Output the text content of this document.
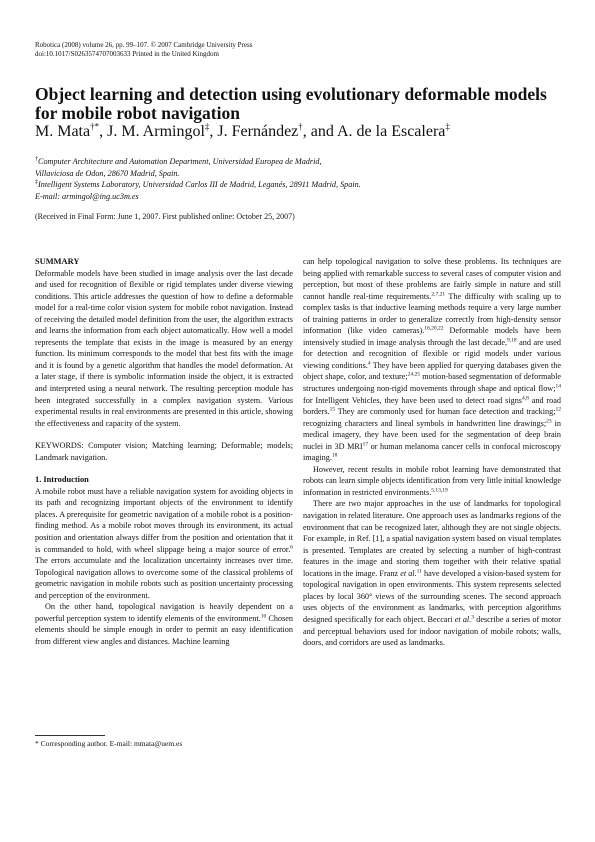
Robotica (2008) volume 26, pp. 99–107. © 2007 Cambridge University Press
doi:10.1017/S0263574707003633 Printed in the United Kingdom
Object learning and detection using evolutionary deformable models for mobile robot navigation
M. Mata†*, J. M. Armingol‡, J. Fernández†, and A. de la Escalera‡
†Computer Architecture and Automation Department, Universidad Europea de Madrid,
Villaviciosa de Odon, 28670 Madrid, Spain.
‡Intelligent Systems Laboratory, Universidad Carlos III de Madrid, Leganés, 28911 Madrid, Spain.
E-mail: armingol@ing.uc3m.es
(Received in Final Form: June 1, 2007. First published online: October 25, 2007)

SUMMARY

Deformable models have been studied in image analysis over the last decade and used for recognition of flexible or rigid templates under diverse viewing conditions. This article addresses the question of how to define a deformable model for a real-time color vision system for mobile robot navigation. Instead of receiving the detailed model definition from the user, the algorithm extracts and learns the information from each object automatically. How well a model represents the template that exists in the image is measured by an energy function. Its minimum corresponds to the model that best fits with the image and it is found by a genetic algorithm that handles the model deformation. At a later stage, if there is symbolic information inside the object, it is extracted and interpreted using a neural network. The resulting perception module has been integrated successfully in a complex navigation system. Various experimental results in real environments are presented in this article, showing the effectiveness and capacity of the system.

KEYWORDS: Computer vision; Matching learning; Deformable; models; Landmark navigation.

1. Introduction

A mobile robot must have a reliable navigation system for avoiding objects in its path and recognizing important objects of the environment to identify places. A prerequisite for geometric navigation of a mobile robot is a position-finding method. As a mobile robot moves through its environment, its actual position and orientation always differ from the position and orientation that it is commanded to hold, with wheel slippage being a major source of error.$^6$ The errors accumulate and the localization uncertainty increases over time. Topological navigation allows to overcome some of the classical problems of geometric navigation in mobile robots such as position uncertainty processing and perception of the environment.

On the other hand, topological navigation is heavily dependent on a powerful perception system to identify elements of the environment.$^{10}$ Chosen elements should be simple enough in order to permit an easy identification from different view angles and distances. Machine learning

* Corresponding author. E-mail: mmata@uem.es

can help topological navigation to solve these problems. Its techniques are being applied with remarkable success to several cases of computer vision and perception, but most of these problems are fairly simple in nature and still cannot handle real-time requirements.$^{2,7,21}$ The difficulty with scaling up to complex tasks is that inductive learning methods require a very large number of training patterns in order to generalize correctly from high-density sensor information (like video cameras).$^{16,20,22}$ Deformable models have been intensively studied in image analysis through the last decade,$^{9,18}$ and are used for detection and recognition of flexible or rigid models under various viewing conditions.$^4$ They have been applied for querying databases given the object shape, color, and texture;$^{24,25}$ motion-based segmentation of deformable structures undergoing non-rigid movements through shape and optical flow;$^{14}$ for Intelligent Vehicles, they have been used to detect road signs$^{4,8}$ and road borders.$^{15}$ They are commonly used for human face detection and tracking;$^{12}$ recognizing characters and lineal symbols in handwritten line drawings;$^{23}$ in medical imagery, they have been used for the segmentation of deep brain nuclei in 3D MRI$^{17}$ or human melanoma cancer cells in confocal microscopy imaging.$^{18}$

However, recent results in mobile robot learning have demonstrated that robots can learn simple objects identification from very little initial knowledge information in restricted environments.$^{5,13,19}$

There are two major approaches in the use of landmarks for topological navigation in related literature. One approach uses as landmarks regions of the environment that can be recognized later, although they are not single objects. For example, in Ref. [1], a spatial navigation system based on visual templates is presented. Templates are created by selecting a number of high-contrast features in the image and storing them together with their relative spatial locations in the image. Franz et al.$^{11}$ have developed a vision-based system for topological navigation in open environments. This system represents selected places by local 360° views of the surrounding scenes. The second approach uses objects of the environment as landmarks, with perception algorithms designed specifically for each object. Beccari et al.$^3$ describe a series of motor and perceptual behaviors used for indoor navigation of mobile robots; walls, doors, and corridors are used as landmarks.
